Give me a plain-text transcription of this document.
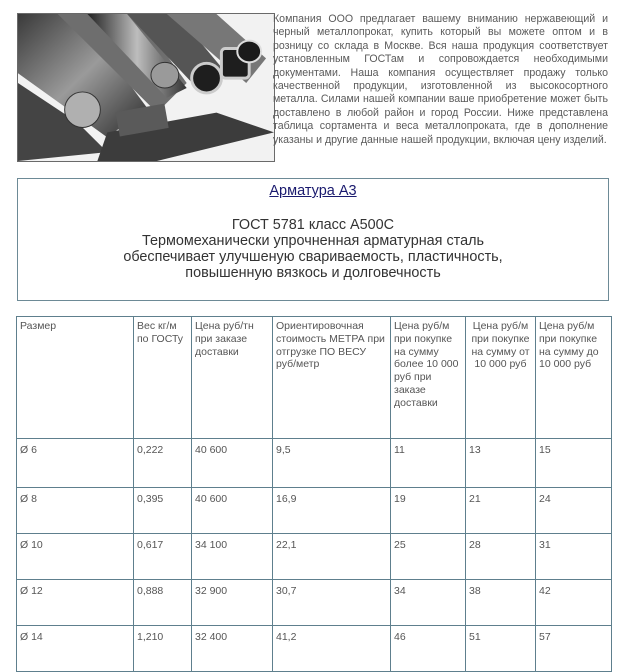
Компания ООО предлагает вашему вниманию нержавеющий и черный металлопрокат, купить который вы можете оптом и в розницу со склада в Москве. Вся наша продукция соответствует установленным ГОСТам и сопровождается необходимыми документами. Наша компания осуществляет продажу только качественной продукции, изготовленной из высокосортного металла. Силами нашей компании ваше приобретение может быть доставлено в любой район и город России. Ниже представлена таблица сортамента и веса металлопроката, где в дополнение указаны и другие данные нашей продукции, включая цену изделий.

Арматура А3
ГОСТ 5781 класс А500С
Термомеханически упрочненная арматурная сталь
обеспечивает улучшеную свариваемость, пластичность,
повышенную вязкось и долговечность
Размер	Вес кг/м по ГОСТу	Цена руб/тн при заказе доставки	Ориентировочная стоимость МЕТРА при отгрузке ПО ВЕСУ руб/метр	Цена руб/м при покупке на сумму более 10 000 руб при заказе доставки	Цена руб/м при покупке на сумму от 10 000 руб	Цена руб/м при покупке на сумму до 10 000 руб
Ø 6	0,222	40 600	9,5	11	13	15
Ø 8	0,395	40 600	16,9	19	21	24
Ø 10	0,617	34 100	22,1	25	28	31
Ø 12	0,888	32 900	30,7	34	38	42
Ø 14	1,210	32 400	41,2	46	51	57
